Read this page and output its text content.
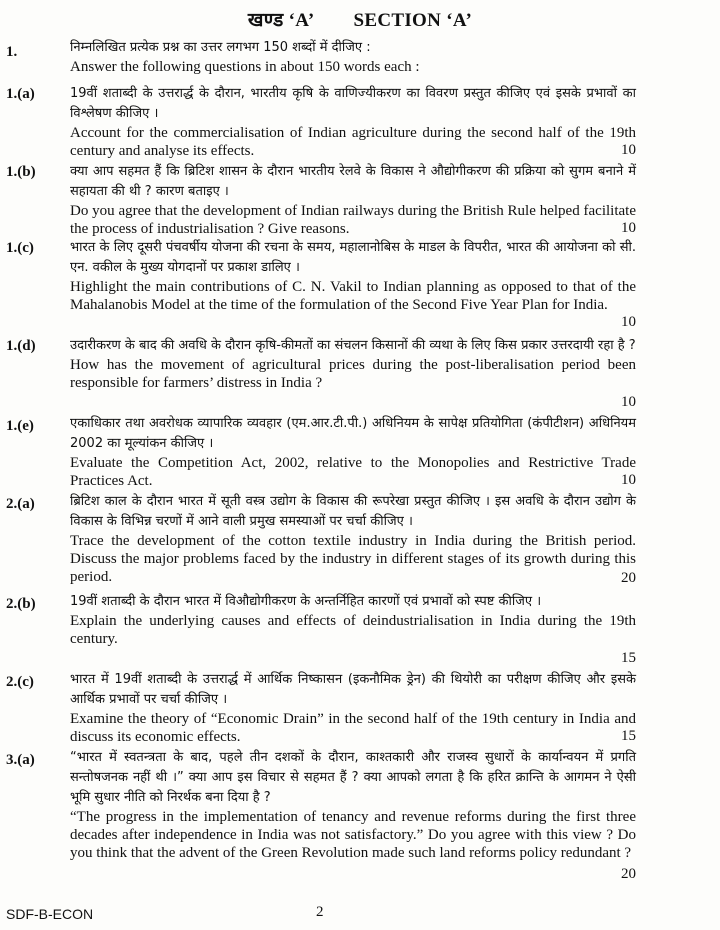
खण्ड ‘A’ SECTION ‘A’
1.	निम्नलिखित प्रत्येक प्रश्न का उत्तर लगभग 150 शब्दों में दीजिए :
Answer the following questions in about 150 words each :
1.(a)	19वीं शताब्दी के उत्तरार्द्ध के दौरान, भारतीय कृषि के वाणिज्यीकरण का विवरण प्रस्तुत कीजिए एवं इसके प्रभावों का विश्लेषण कीजिए ।
Account for the commercialisation of Indian agriculture during the second half of the 19th century and analyse its effects.	10
1.(b)	क्या आप सहमत हैं कि ब्रिटिश शासन के दौरान भारतीय रेलवे के विकास ने औद्योगीकरण की प्रक्रिया को सुगम बनाने में सहायता की थी ? कारण बताइए ।
Do you agree that the development of Indian railways during the British Rule helped facilitate the process of industrialisation ? Give reasons.	10
1.(c)	भारत के लिए दूसरी पंचवर्षीय योजना की रचना के समय, महालानोबिस के माडल के विपरीत, भारत की आयोजना को सी. एन. वकील के मुख्य योगदानों पर प्रकाश डालिए ।
Highlight the main contributions of C. N. Vakil to Indian planning as opposed to that of the Mahalanobis Model at the time of the formulation of the Second Five Year Plan for India.
10
1.(d)	उदारीकरण के बाद की अवधि के दौरान कृषि-कीमतों का संचलन किसानों की व्यथा के लिए किस प्रकार उत्तरदायी रहा है ?
How has the movement of agricultural prices during the post-liberalisation period been responsible for farmers’ distress in India ?
10
1.(e)	एकाधिकार तथा अवरोधक व्यापारिक व्यवहार (एम.आर.टी.पी.) अधिनियम के सापेक्ष प्रतियोगिता (कंपीटीशन) अधिनियम 2002 का मूल्यांकन कीजिए ।
Evaluate the Competition Act, 2002, relative to the Monopolies and Restrictive Trade Practices Act.	10
2.(a)	ब्रिटिश काल के दौरान भारत में सूती वस्त्र उद्योग के विकास की रूपरेखा प्रस्तुत कीजिए । इस अवधि के दौरान उद्योग के विकास के विभिन्न चरणों में आने वाली प्रमुख समस्याओं पर चर्चा कीजिए ।
Trace the development of the cotton textile industry in India during the British period. Discuss the major problems faced by the industry in different stages of its growth during this period.	20
2.(b)	19वीं शताब्दी के दौरान भारत में विऔद्योगीकरण के अन्तर्निहित कारणों एवं प्रभावों को स्पष्ट कीजिए ।
Explain the underlying causes and effects of deindustrialisation in India during the 19th century.
15
2.(c)	भारत में 19वीं शताब्दी के उत्तरार्द्ध में आर्थिक निष्कासन (इकनौमिक ड्रेन) की थियोरी का परीक्षण कीजिए और इसके आर्थिक प्रभावों पर चर्चा कीजिए ।
Examine the theory of “Economic Drain” in the second half of the 19th century in India and discuss its economic effects.	15
3.(a)	“भारत में स्वतन्त्रता के बाद, पहले तीन दशकों के दौरान, काश्तकारी और राजस्व सुधारों के कार्यान्वयन में प्रगति सन्तोषजनक नहीं थी ।” क्या आप इस विचार से सहमत हैं ? क्या आपको लगता है कि हरित क्रान्ति के आगमन ने ऐसी भूमि सुधार नीति को निरर्थक बना दिया है ?
“The progress in the implementation of tenancy and revenue reforms during the first three decades after independence in India was not satisfactory.” Do you agree with this view ? Do you think that the advent of the Green Revolution made such land reforms policy redundant ?
20
SDF-B-ECON	2
